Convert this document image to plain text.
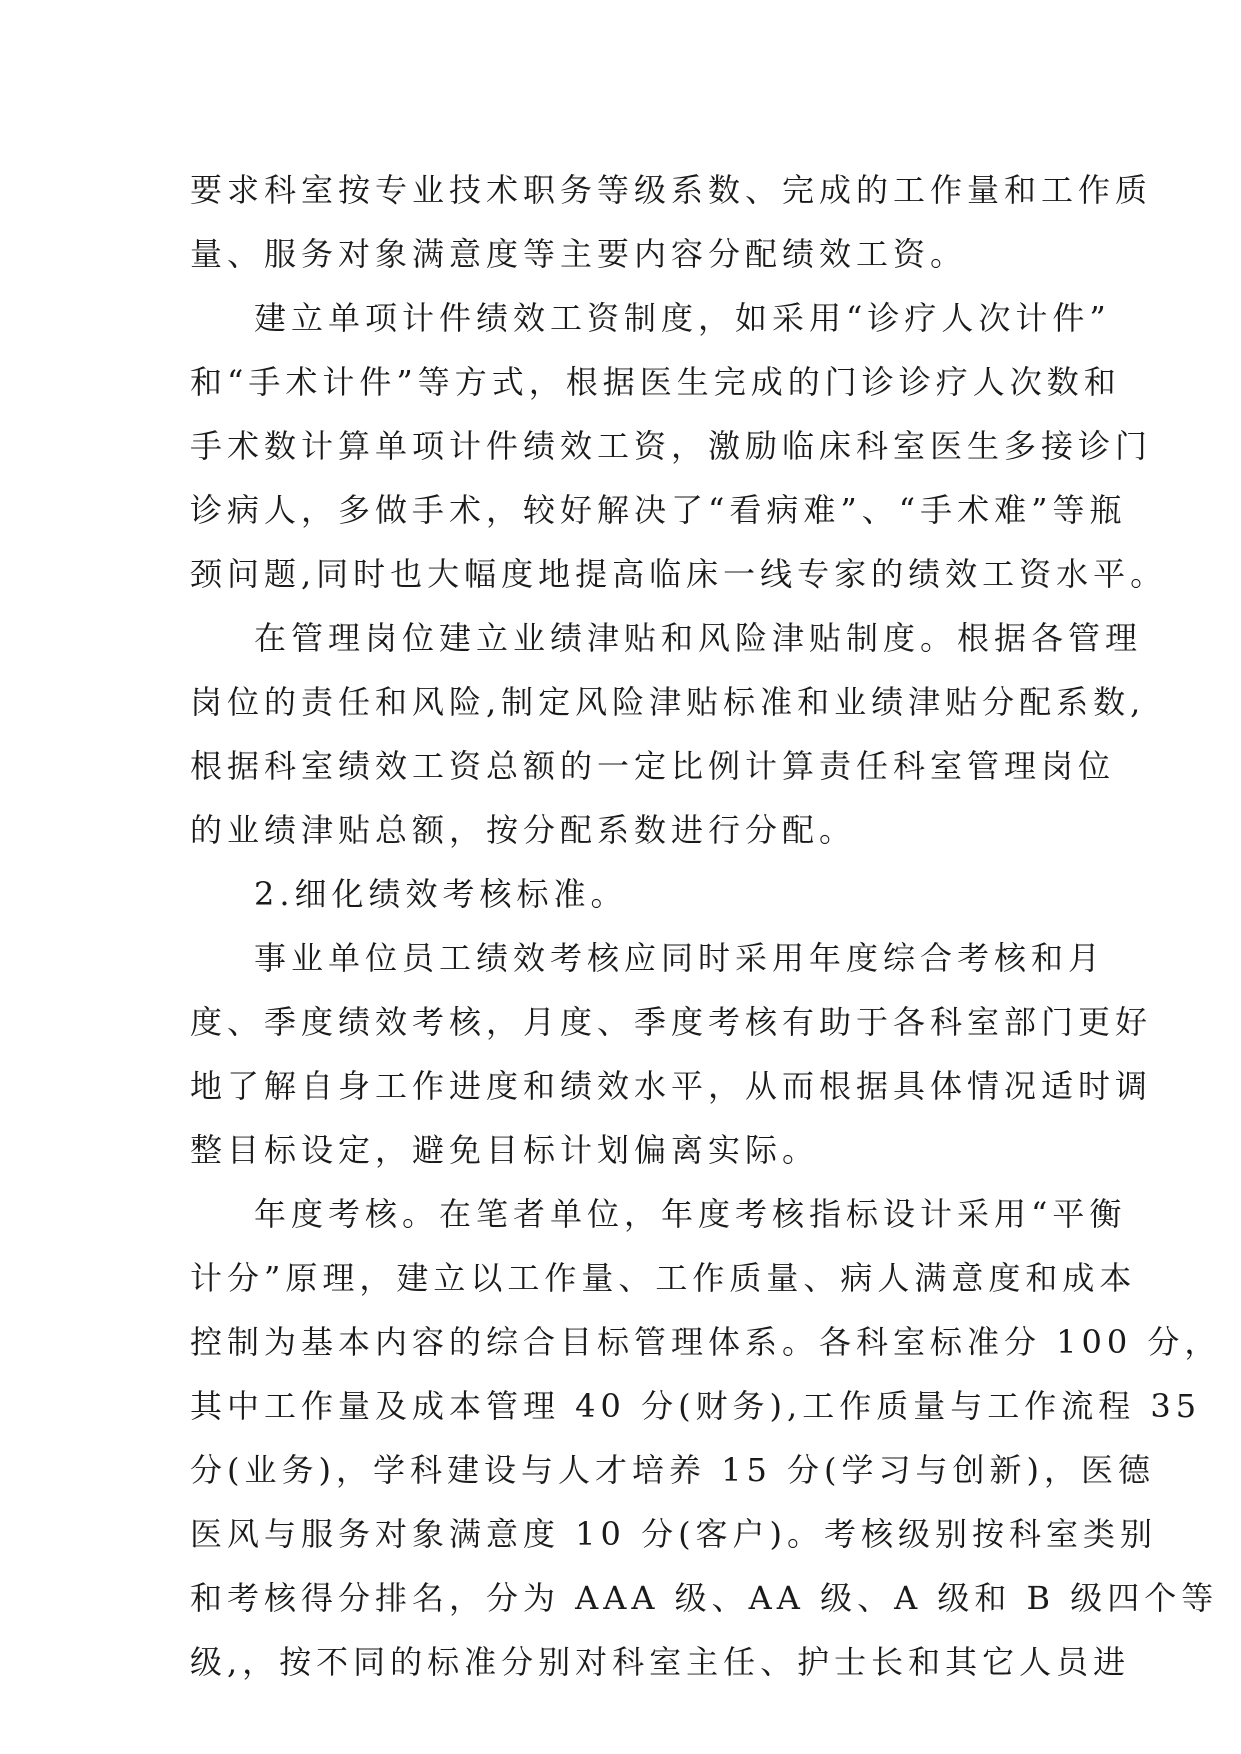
要求科室按专业技术职务等级系数、完成的工作量和工作质
量、服务对象满意度等主要内容分配绩效工资。
建立单项计件绩效工资制度，如采用“诊疗人次计件”
和“手术计件”等方式，根据医生完成的门诊诊疗人次数和
手术数计算单项计件绩效工资，激励临床科室医生多接诊门
诊病人，多做手术，较好解决了“看病难”、“手术难”等瓶
颈问题,同时也大幅度地提高临床一线专家的绩效工资水平。
在管理岗位建立业绩津贴和风险津贴制度。根据各管理
岗位的责任和风险,制定风险津贴标准和业绩津贴分配系数,
根据科室绩效工资总额的一定比例计算责任科室管理岗位
的业绩津贴总额，按分配系数进行分配。
2.细化绩效考核标准。
事业单位员工绩效考核应同时采用年度综合考核和月
度、季度绩效考核，月度、季度考核有助于各科室部门更好
地了解自身工作进度和绩效水平，从而根据具体情况适时调
整目标设定，避免目标计划偏离实际。
年度考核。在笔者单位，年度考核指标设计采用“平衡
计分”原理，建立以工作量、工作质量、病人满意度和成本
控制为基本内容的综合目标管理体系。各科室标准分 100 分，
其中工作量及成本管理 40 分(财务),工作质量与工作流程 35
分(业务)，学科建设与人才培养 15 分(学习与创新)，医德
医风与服务对象满意度 10 分(客户)。考核级别按科室类别
和考核得分排名，分为 AAA 级、AA 级、A 级和 B 级四个等
级,，按不同的标准分别对科室主任、护士长和其它人员进
